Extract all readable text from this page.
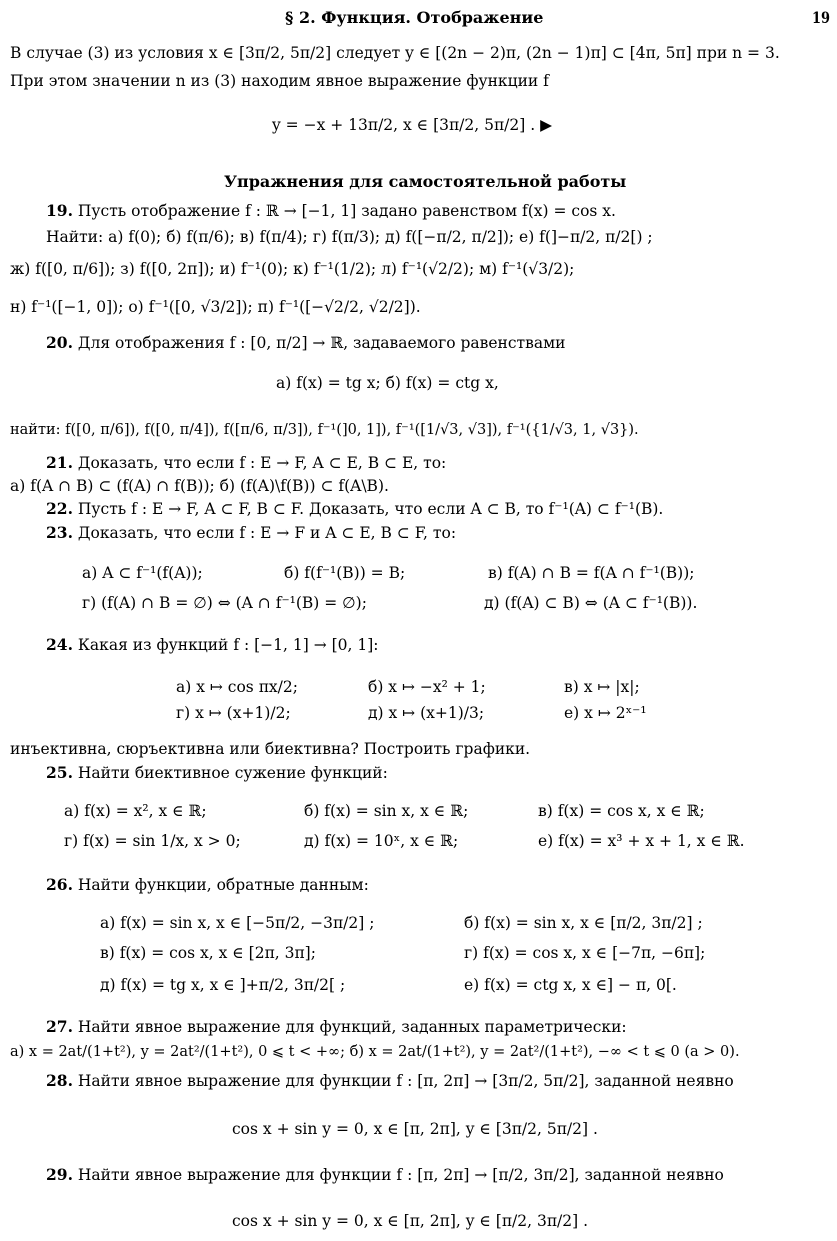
§ 2. Функция. Отображение	19
В случае (3) из условия x ∈ [3π/2, 5π/2] следует y ∈ [(2n − 2)π, (2n − 1)π] ⊂ [4π, 5π] при n = 3.
При этом значении n из (3) находим явное выражение функции f
y = −x + 13π/2, x ∈ [3π/2, 5π/2] . ▶
Упражнения для самостоятельной работы
19. Пусть отображение f : ℝ → [−1, 1] задано равенством f(x) = cos x.
Найти: а) f(0); б) f(π/6); в) f(π/4); г) f(π/3); д) f([−π/2, π/2]); е) f(]−π/2, π/2[) ;
ж) f([0, π/6]); з) f([0, 2π]); и) f⁻¹(0); к) f⁻¹(1/2); л) f⁻¹(√2/2); м) f⁻¹(√3/2);
н) f⁻¹([−1, 0]); о) f⁻¹([0, √3/2]); п) f⁻¹([−√2/2, √2/2]).
20. Для отображения f : [0, π/2] → ℝ, задаваемого равенствами
а) f(x) = tg x; б) f(x) = ctg x,
найти: f([0, π/6]), f([0, π/4]), f([π/6, π/3]), f⁻¹(]0, 1]), f⁻¹([1/√3, √3]), f⁻¹({1/√3, 1, √3}).
21. Доказать, что если f : E → F, A ⊂ E, B ⊂ E, то:
а) f(A ∩ B) ⊂ (f(A) ∩ f(B)); б) (f(A)\f(B)) ⊂ f(A\B).
22. Пусть f : E → F, A ⊂ F, B ⊂ F. Доказать, что если A ⊂ B, то f⁻¹(A) ⊂ f⁻¹(B).
23. Доказать, что если f : E → F и A ⊂ E, B ⊂ F, то:
а) A ⊂ f⁻¹(f(A));	б) f(f⁻¹(B)) = B;	в) f(A) ∩ B = f(A ∩ f⁻¹(B));
г) (f(A) ∩ B = ∅) ⇔ (A ∩ f⁻¹(B) = ∅);	д) (f(A) ⊂ B) ⇔ (A ⊂ f⁻¹(B)).
24. Какая из функций f : [−1, 1] → [0, 1]:
а) x ↦ cos πx/2;	б) x ↦ −x² + 1;	в) x ↦ |x|;
г) x ↦ (x+1)/2;	д) x ↦ (x+1)/3;	е) x ↦ 2ˣ⁻¹
инъективна, сюръективна или биективна? Построить графики.
25. Найти биективное сужение функций:
а) f(x) = x², x ∈ ℝ;	б) f(x) = sin x, x ∈ ℝ;	в) f(x) = cos x, x ∈ ℝ;
г) f(x) = sin 1/x, x > 0;	д) f(x) = 10ˣ, x ∈ ℝ;	е) f(x) = x³ + x + 1, x ∈ ℝ.
26. Найти функции, обратные данным:
а) f(x) = sin x, x ∈ [−5π/2, −3π/2] ;	б) f(x) = sin x, x ∈ [π/2, 3π/2] ;
в) f(x) = cos x, x ∈ [2π, 3π];	г) f(x) = cos x, x ∈ [−7π, −6π];
д) f(x) = tg x, x ∈ ]+π/2, 3π/2[ ;	е) f(x) = ctg x, x ∈] − π, 0[.
27. Найти явное выражение для функций, заданных параметрически:
а) x = 2at/(1+t²), y = 2at²/(1+t²), 0 ⩽ t < +∞; б) x = 2at/(1+t²), y = 2at²/(1+t²), −∞ < t ⩽ 0 (a > 0).
28. Найти явное выражение для функции f : [π, 2π] → [3π/2, 5π/2], заданной неявно
cos x + sin y = 0, x ∈ [π, 2π], y ∈ [3π/2, 5π/2] .
29. Найти явное выражение для функции f : [π, 2π] → [π/2, 3π/2], заданной неявно
cos x + sin y = 0, x ∈ [π, 2π], y ∈ [π/2, 3π/2] .
